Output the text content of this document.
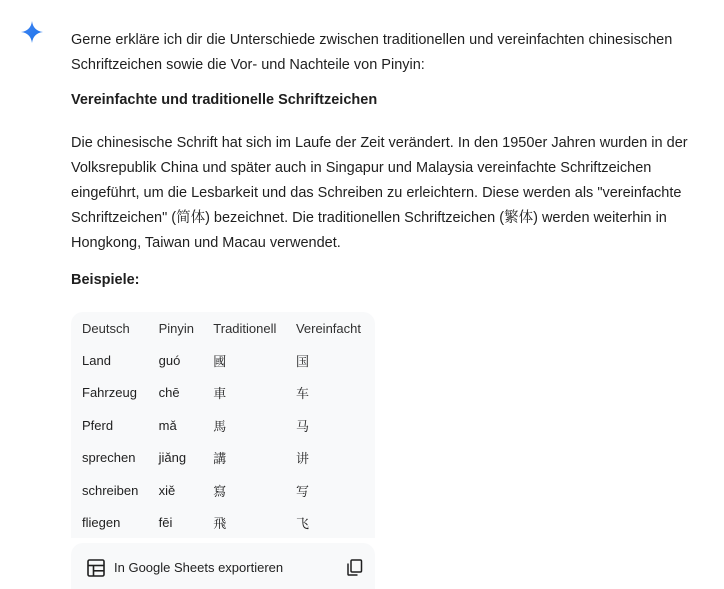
Gerne erkläre ich dir die Unterschiede zwischen traditionellen und vereinfachten chinesischen Schriftzeichen sowie die Vor- und Nachteile von Pinyin:

Vereinfachte und traditionelle Schriftzeichen

Die chinesische Schrift hat sich im Laufe der Zeit verändert. In den 1950er Jahren wurden in der Volksrepublik China und später auch in Singapur und Malaysia vereinfachte Schriftzeichen eingeführt, um die Lesbarkeit und das Schreiben zu erleichtern. Diese werden als "vereinfachte Schriftzeichen" (简体) bezeichnet. Die traditionellen Schriftzeichen (繁体) werden weiterhin in Hongkong, Taiwan und Macau verwendet.

Beispiele:
Deutsch	Pinyin	Traditionell	Vereinfacht
Land	guó	國	国
Fahrzeug	chē	車	车
Pferd	mǎ	馬	马
sprechen	jiǎng	講	讲
schreiben	xiě	寫	写
fliegen	fēi	飛	飞
In Google Sheets exportieren
